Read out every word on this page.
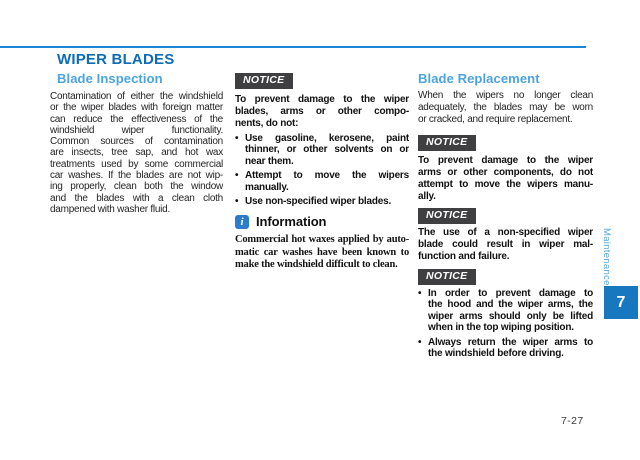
WIPER BLADES
Blade Inspection
Contamination of either the windshield
or the wiper blades with foreign matter
can reduce the effectiveness of the
windshield wiper functionality.
Common sources of contamination
are insects, tree sap, and hot wax
treatments used by some commercial
car washes. If the blades are not wip-
ing properly, clean both the window
and the blades with a clean cloth
dampened with washer fluid.
NOTICE
To prevent damage to the wiper
blades, arms or other compo-
nents, do not:
• Use gasoline, kerosene, paint
thinner, or other solvents on or
near them.
• Attempt to move the wipers
manually.
• Use non-specified wiper blades.
i Information
Commercial hot waxes applied by auto-
matic car washes have been known to
make the windshield difficult to clean.
Blade Replacement
When the wipers no longer clean
adequately, the blades may be worn
or cracked, and require replacement.
NOTICE
To prevent damage to the wiper
arms or other components, do not
attempt to move the wipers manu-
ally.
NOTICE
The use of a non-specified wiper
blade could result in wiper mal-
function and failure.
NOTICE
• In order to prevent damage to
the hood and the wiper arms, the
wiper arms should only be lifted
when in the top wiping position.
• Always return the wiper arms to
the windshield before driving.
Maintenance
7
7-27
